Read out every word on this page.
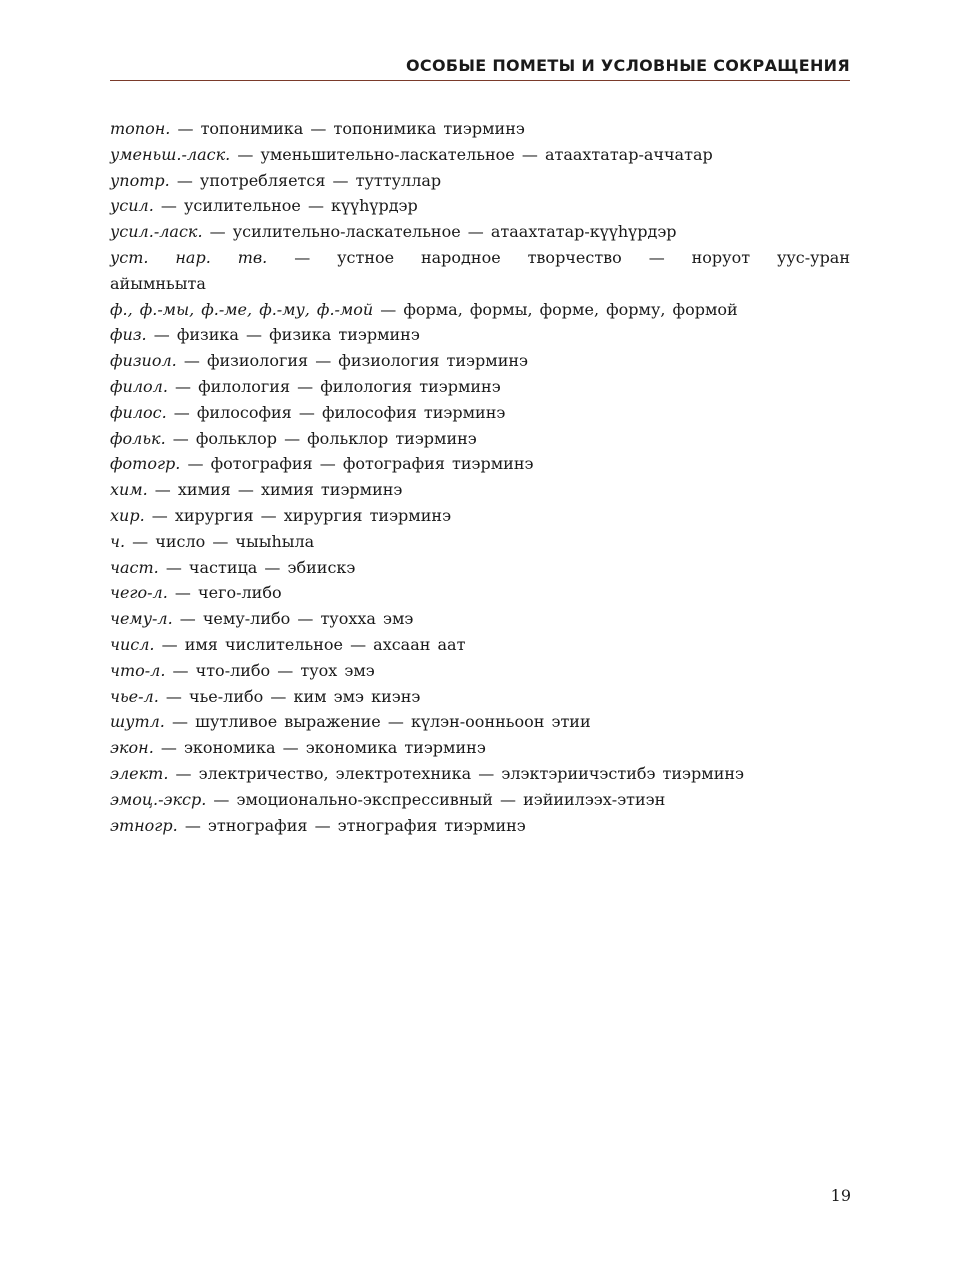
ОСОБЫЕ ПОМЕТЫ И УСЛОВНЫЕ СОКРАЩЕНИЯ
топон. — топонимика — топонимика тиэрминэ
уменьш.-ласк. — уменьшительно-ласкательное — атаахтатар-аччатар
употр. — употребляется — туттуллар
усил. — усилительное — күүһүрдэр
усил.-ласк. — усилительно-ласкательное — атаахтатар-күүһүрдэр
уст. нар. тв. — устное народное творчество — норуот уус-уран
айымньыта
ф., ф.-мы, ф.-ме, ф.-му, ф.-мой — форма, формы, форме, форму, формой
физ. — физика — физика тиэрминэ
физиол. — физиология — физиология тиэрминэ
филол. — филология — филология тиэрминэ
филос. — философия — философия тиэрминэ
фольк. — фольклор — фольклор тиэрминэ
фотогр. — фотография — фотография тиэрминэ
хим. — химия — химия тиэрминэ
хир. — хирургия — хирургия тиэрминэ
ч. — число — чыыһыла
част. — частица — эбиискэ
чего-л. — чего-либо
чему-л. — чему-либо — туохха эмэ
числ. — имя числительное — ахсаан аат
что-л. — что-либо — туох эмэ
чье-л. — чье-либо — ким эмэ киэнэ
шутл. — шутливое выражение — күлэн-оонньоон этии
экон. — экономика — экономика тиэрминэ
элект. — электричество, электротехника — элэктэриичэстибэ тиэрминэ
эмоц.-экср. — эмоционально-экспрессивный — иэйиилээх-этиэн
этногр. — этнография — этнография тиэрминэ
19
